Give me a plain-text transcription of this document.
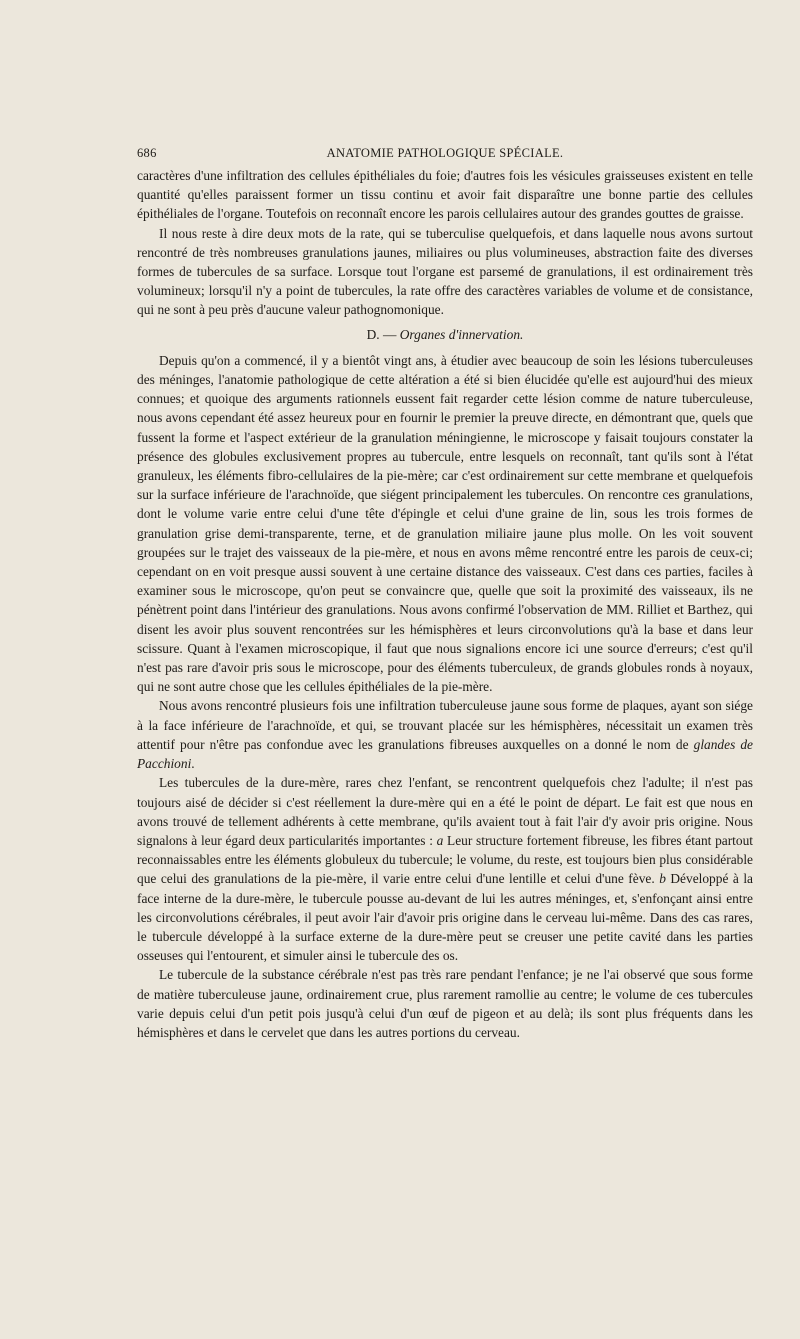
686	ANATOMIE PATHOLOGIQUE SPÉCIALE.

caractères d'une infiltration des cellules épithéliales du foie; d'autres fois les vésicules graisseuses existent en telle quantité qu'elles paraissent former un tissu continu et avoir fait disparaître une bonne partie des cellules épithéliales de l'organe. Toutefois on reconnaît encore les parois cellulaires autour des grandes gouttes de graisse.

Il nous reste à dire deux mots de la rate, qui se tuberculise quelquefois, et dans laquelle nous avons surtout rencontré de très nombreuses granulations jaunes, miliaires ou plus volumineuses, abstraction faite des diverses formes de tubercules de sa surface. Lorsque tout l'organe est parsemé de granulations, il est ordinairement très volumineux; lorsqu'il n'y a point de tubercules, la rate offre des caractères variables de volume et de consistance, qui ne sont à peu près d'aucune valeur pathognomonique.

D. — Organes d'innervation.

Depuis qu'on a commencé, il y a bientôt vingt ans, à étudier avec beaucoup de soin les lésions tuberculeuses des méninges, l'anatomie pathologique de cette altération a été si bien élucidée qu'elle est aujourd'hui des mieux connues; et quoique des arguments rationnels eussent fait regarder cette lésion comme de nature tuberculeuse, nous avons cependant été assez heureux pour en fournir le premier la preuve directe, en démontrant que, quels que fussent la forme et l'aspect extérieur de la granulation méningienne, le microscope y faisait toujours constater la présence des globules exclusivement propres au tubercule, entre lesquels on reconnaît, tant qu'ils sont à l'état granuleux, les éléments fibro-cellulaires de la pie-mère; car c'est ordinairement sur cette membrane et quelquefois sur la surface inférieure de l'arachnoïde, que siégent principalement les tubercules. On rencontre ces granulations, dont le volume varie entre celui d'une tête d'épingle et celui d'une graine de lin, sous les trois formes de granulation grise demi-transparente, terne, et de granulation miliaire jaune plus molle. On les voit souvent groupées sur le trajet des vaisseaux de la pie-mère, et nous en avons même rencontré entre les parois de ceux-ci; cependant on en voit presque aussi souvent à une certaine distance des vaisseaux. C'est dans ces parties, faciles à examiner sous le microscope, qu'on peut se convaincre que, quelle que soit la proximité des vaisseaux, ils ne pénètrent point dans l'intérieur des granulations. Nous avons confirmé l'observation de MM. Rilliet et Barthez, qui disent les avoir plus souvent rencontrées sur les hémisphères et leurs circonvolutions qu'à la base et dans leur scissure. Quant à l'examen microscopique, il faut que nous signalions encore ici une source d'erreurs; c'est qu'il n'est pas rare d'avoir pris sous le microscope, pour des éléments tuberculeux, de grands globules ronds à noyaux, qui ne sont autre chose que les cellules épithéliales de la pie-mère.

Nous avons rencontré plusieurs fois une infiltration tuberculeuse jaune sous forme de plaques, ayant son siége à la face inférieure de l'arachnoïde, et qui, se trouvant placée sur les hémisphères, nécessitait un examen très attentif pour n'être pas confondue avec les granulations fibreuses auxquelles on a donné le nom de glandes de Pacchioni.

Les tubercules de la dure-mère, rares chez l'enfant, se rencontrent quelquefois chez l'adulte; il n'est pas toujours aisé de décider si c'est réellement la dure-mère qui en a été le point de départ. Le fait est que nous en avons trouvé de tellement adhérents à cette membrane, qu'ils avaient tout à fait l'air d'y avoir pris origine. Nous signalons à leur égard deux particularités importantes : a Leur structure fortement fibreuse, les fibres étant partout reconnaissables entre les éléments globuleux du tubercule; le volume, du reste, est toujours bien plus considérable que celui des granulations de la pie-mère, il varie entre celui d'une lentille et celui d'une fève. b Développé à la face interne de la dure-mère, le tubercule pousse au-devant de lui les autres méninges, et, s'enfonçant ainsi entre les circonvolutions cérébrales, il peut avoir l'air d'avoir pris origine dans le cerveau lui-même. Dans des cas rares, le tubercule développé à la surface externe de la dure-mère peut se creuser une petite cavité dans les parties osseuses qui l'entourent, et simuler ainsi le tubercule des os.

Le tubercule de la substance cérébrale n'est pas très rare pendant l'enfance; je ne l'ai observé que sous forme de matière tuberculeuse jaune, ordinairement crue, plus rarement ramollie au centre; le volume de ces tubercules varie depuis celui d'un petit pois jusqu'à celui d'un œuf de pigeon et au delà; ils sont plus fréquents dans les hémisphères et dans le cervelet que dans les autres portions du cerveau.
